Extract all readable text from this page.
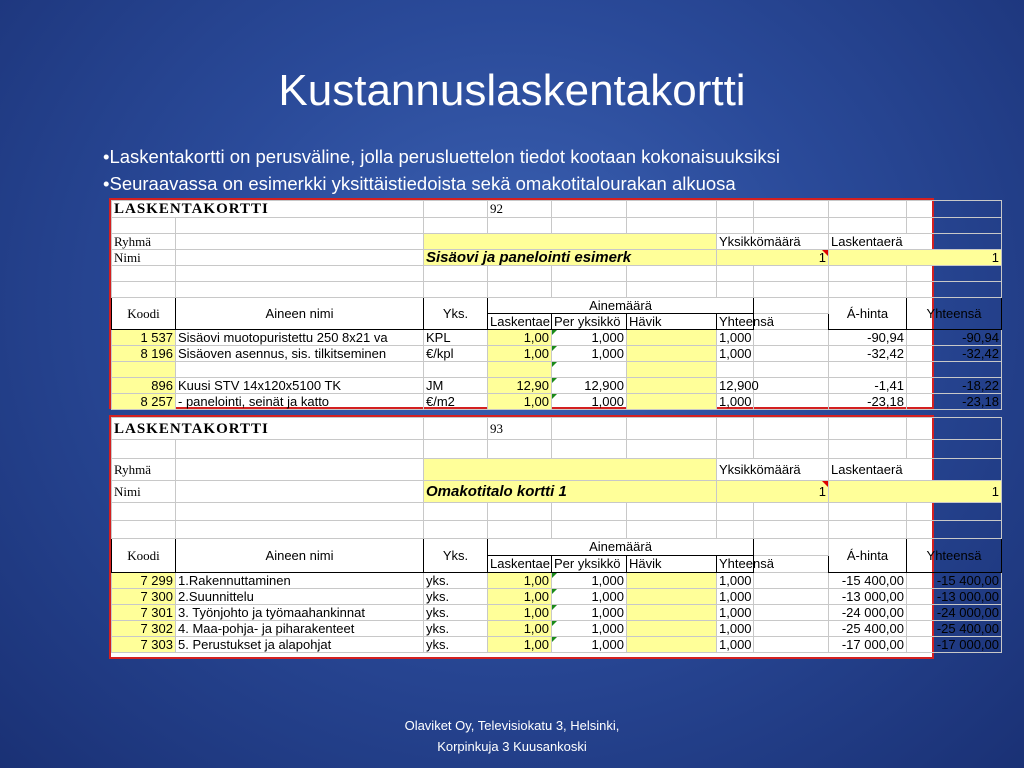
Kustannuslaskentakortti
•Laskentakortti on perusväline, jolla perusluettelon tiedot kootaan kokonaisuuksiksi
•Seuraavassa on esimerkki yksittäistiedoista sekä omakotitalourakan alkuosa
LASKENTAKORTTI			92						

Ryhmä						Yksikkömäärä		Laskentaerä	
Nimi		Sisäovi ja panelointi esimerk				1		1	

Koodi	Aineen nimi	Yks.	Ainemäärä					Á-hinta	Yhteensä
			Laskentae	Per yksikkö	Hävik	Yhteensä			
1 537	Sisäovi muotopuristettu 250 8x21 va	KPL	1,00	1,000		1,000		-90,94	-90,94
8 196	Sisäoven asennus, sis. tilkitseminen	€/kpl	1,00	1,000		1,000		-32,42	-32,42

896	Kuusi STV 14x120x5100 TK	JM	12,90	12,900		12,900		-1,41	-18,22
8 257	- panelointi, seinät ja katto	€/m2	1,00	1,000		1,000		-23,18	-23,18
LASKENTAKORTTI			93						

Ryhmä						Yksikkömäärä		Laskentaerä	
Nimi		Omakotitalo kortti 1				1		1	

Koodi	Aineen nimi	Yks.	Ainemäärä					Á-hinta	Yhteensä
			Laskentae	Per yksikkö	Hävik	Yhteensä			
7 299	1.Rakennuttaminen	yks.	1,00	1,000		1,000		-15 400,00	-15 400,00
7 300	2.Suunnittelu	yks.	1,00	1,000		1,000		-13 000,00	-13 000,00
7 301	3. Työnjohto ja työmaahankinnat	yks.	1,00	1,000		1,000		-24 000,00	-24 000,00
7 302	4. Maa-pohja- ja piharakenteet	yks.	1,00	1,000		1,000		-25 400,00	-25 400,00
7 303	5. Perustukset ja alapohjat	yks.	1,00	1,000		1,000		-17 000,00	-17 000,00
Olaviket Oy, Televisiokatu 3, Helsinki,
Korpinkuja 3 Kuusankoski
